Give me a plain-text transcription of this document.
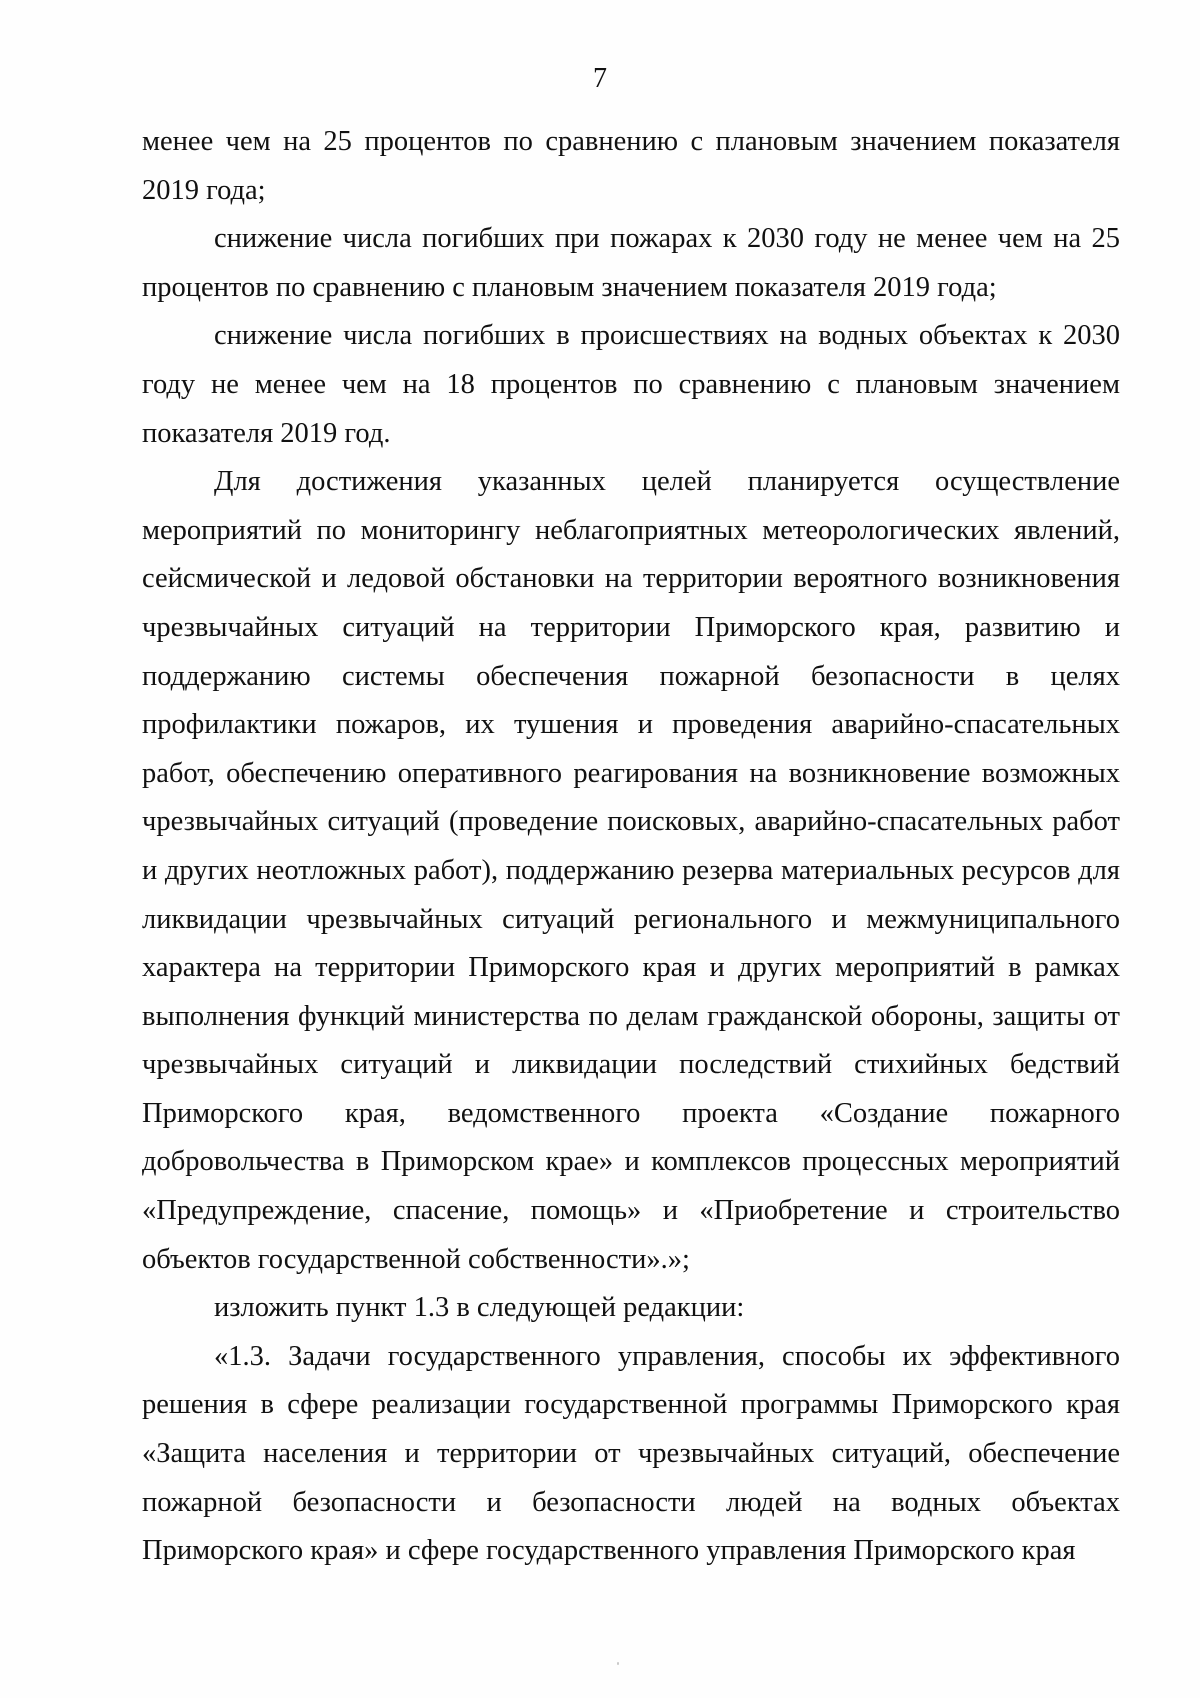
7

менее чем на 25 процентов по сравнению с плановым значением показателя 2019 года;

снижение числа погибших при пожарах к 2030 году не менее чем на 25 процентов по сравнению с плановым значением показателя 2019 года;

снижение числа погибших в происшествиях на водных объектах к 2030 году не менее чем на 18 процентов по сравнению с плановым значением показателя 2019 год.

Для достижения указанных целей планируется осуществление мероприятий по мониторингу неблагоприятных метеорологических явлений, сейсмической и ледовой обстановки на территории вероятного возникновения чрезвычайных ситуаций на территории Приморского края, развитию и поддержанию системы обеспечения пожарной безопасности в целях профилактики пожаров, их тушения и проведения аварийно-спасательных работ, обеспечению оперативного реагирования на возникновение возможных чрезвычайных ситуаций (проведение поисковых, аварийно-спасательных работ и других неотложных работ), поддержанию резерва материальных ресурсов для ликвидации чрезвычайных ситуаций регионального и межмуниципального характера на территории Приморского края и других мероприятий в рамках выполнения функций министерства по делам гражданской обороны, защиты от чрезвычайных ситуаций и ликвидации последствий стихийных бедствий Приморского края, ведомственного проекта «Создание пожарного добровольчества в Приморском крае» и комплексов процессных мероприятий «Предупреждение, спасение, помощь» и «Приобретение и строительство объектов государственной собственности».»;

изложить пункт 1.3 в следующей редакции:

«1.3. Задачи государственного управления, способы их эффективного решения в сфере реализации государственной программы Приморского края «Защита населения и территории от чрезвычайных ситуаций, обеспечение пожарной безопасности и безопасности людей на водных объектах Приморского края» и сфере государственного управления Приморского края
